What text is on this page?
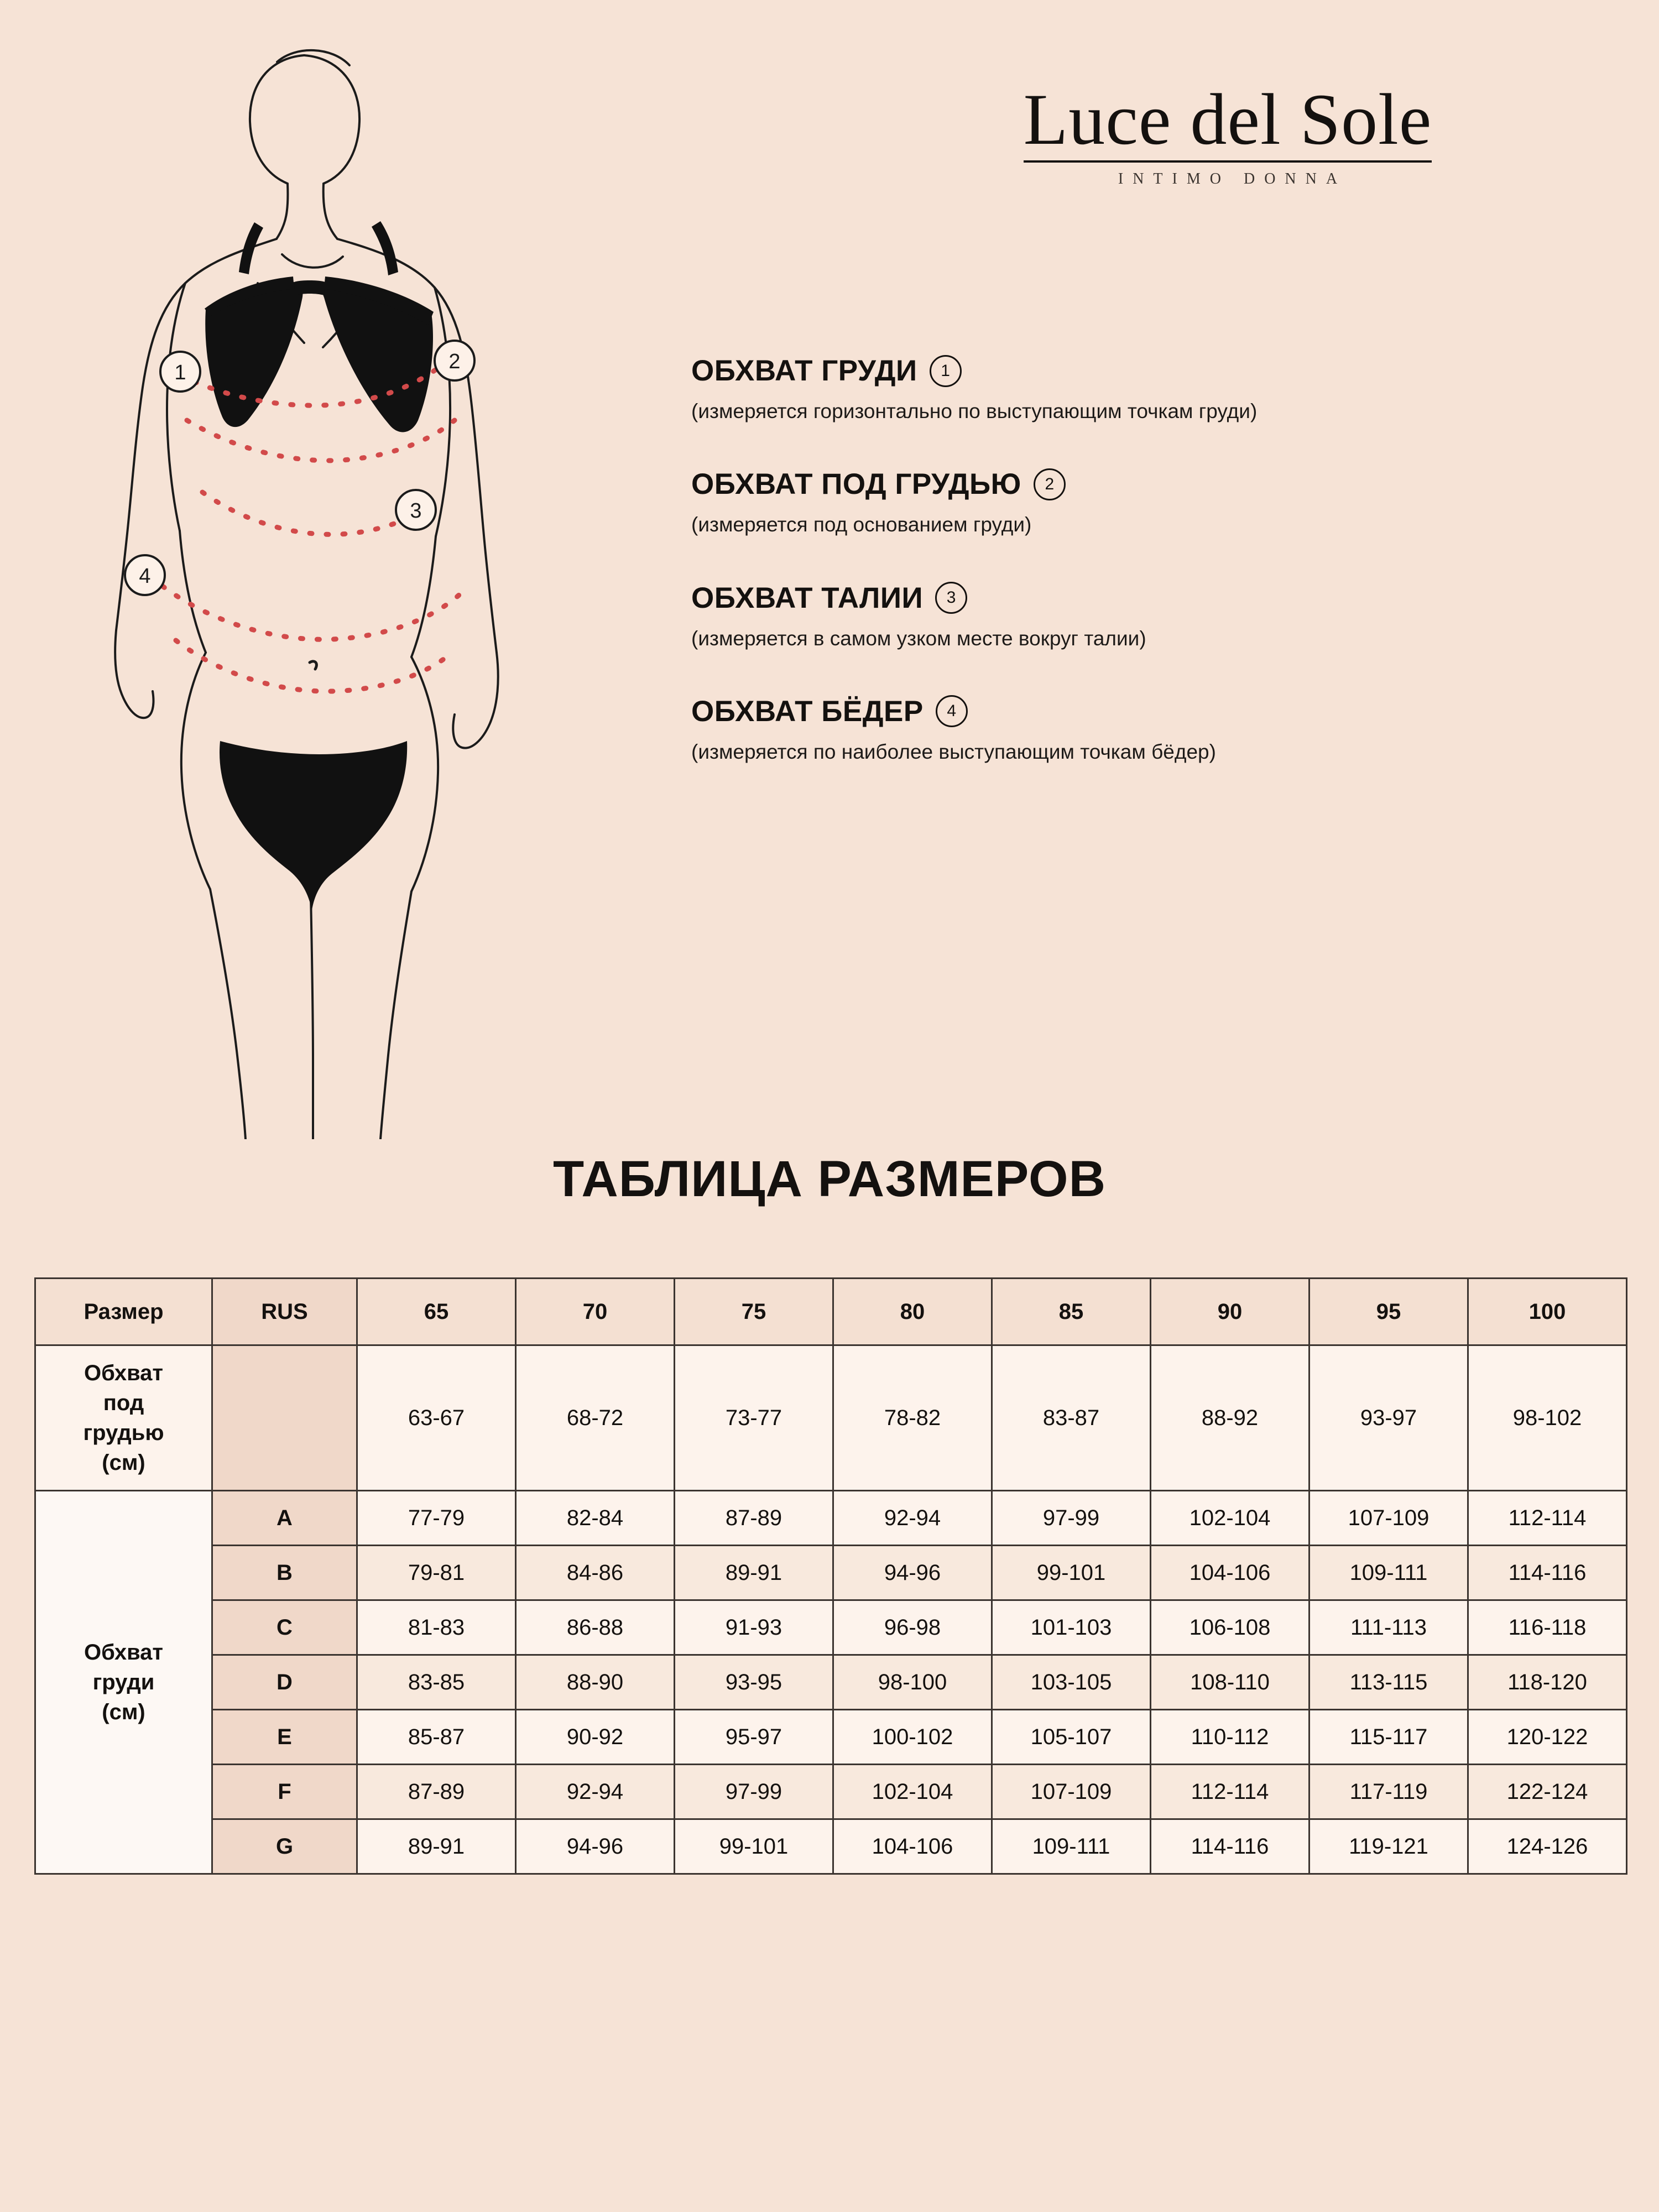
Luce del Sole
INTIMO DONNA
1	2
3
4
ОБХВАТ ГРУДИ	1
(измеряется горизонтально по выступающим точкам груди)
ОБХВАТ ПОД ГРУДЬЮ	2
(измеряется под основанием груди)
ОБХВАТ ТАЛИИ	3
(измеряется в самом узком месте вокруг талии)
ОБХВАТ БЁДЕР	4
(измеряется по наиболее выступающим точкам бёдер)
ТАБЛИЦА РАЗМЕРОВ
Размер	RUS	65	70	75	80	85	90	95	100
Обхват
под
грудью
(см)		63-67	68-72	73-77	78-82	83-87	88-92	93-97	98-102
Обхват
груди
(см)	A	77-79	82-84	87-89	92-94	97-99	102-104	107-109	112-114
	B	79-81	84-86	89-91	94-96	99-101	104-106	109-111	114-116
	C	81-83	86-88	91-93	96-98	101-103	106-108	111-113	116-118
	D	83-85	88-90	93-95	98-100	103-105	108-110	113-115	118-120
	E	85-87	90-92	95-97	100-102	105-107	110-112	115-117	120-122
	F	87-89	92-94	97-99	102-104	107-109	112-114	117-119	122-124
	G	89-91	94-96	99-101	104-106	109-111	114-116	119-121	124-126
